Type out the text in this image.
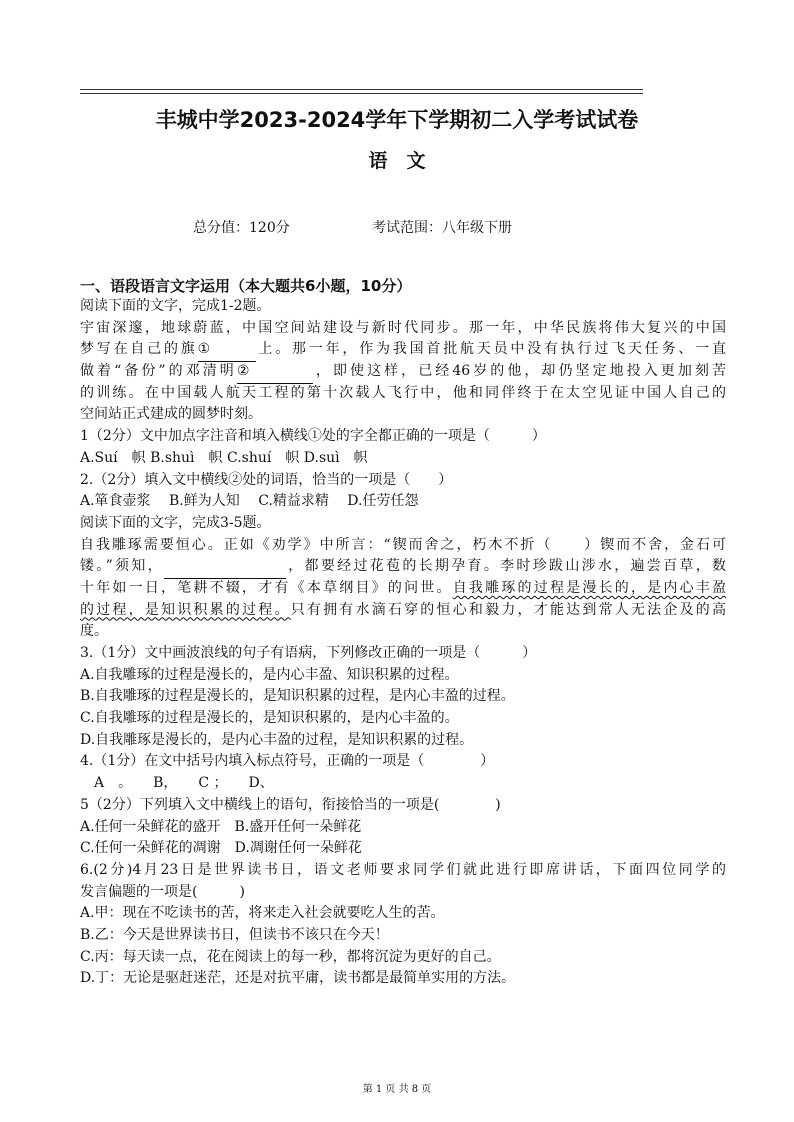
丰城中学2023-2024学年下学期初二入学考试试卷
语　文
总分值：120分	考试范围：八年级下册
一、语段语言文字运用（本大题共6小题，10分）
阅读下面的文字，完成1-2题。
宇宙深邃，地球蔚蓝，中国空间站建设与新时代同步。那一年，中华民族将伟大复兴的中国
梦写在自己的旗①	上。那一年，作为我国首批航天员中没有执行过飞天任务、一直
做着“备份”的邓清明②	，即使这样，已经46岁的他，却仍坚定地投入更加刻苦
的训练。在中国载人航天工程的第十次载人飞行中，他和同伴终于在太空见证中国人自己的
空间站正式建成的圆梦时刻。
1（2分）文中加点字注音和填入横线①处的字全都正确的一项是（　　　）
A.Suí　帜 B.shuì　帜 C.shuí　帜 D.suì　帜
2.（2分）填入文中横线②处的词语，恰当的一项是（　　）
A.箪食壶浆　 B.鲜为人知　 C.精益求精　 D.任劳任怨
阅读下面的文字，完成3-5题。
自我雕琢需要恒心。正如《劝学》中所言：“锲而舍之，朽木不折（　　）锲而不舍，金石可
镂。”须知，	，都要经过花苞的长期孕育。李时珍跋山涉水，遍尝百草，数
十年如一日，笔耕不辍，才有《本草纲目》的问世。自我雕琢的过程是漫长的，是内心丰盈
的过程，是知识积累的过程。只有拥有水滴石穿的恒心和毅力，才能达到常人无法企及的高
度。
3.（1分）文中画波浪线的句子有语病，下列修改正确的一项是（　　　）
A.自我雕琢的过程是漫长的，是内心丰盈、知识积累的过程。
B.自我雕琢的过程是漫长的，是知识积累的过程，是内心丰盈的过程。
C.自我雕琢的过程是漫长的，是知识积累的，是内心丰盈的。
D.自我雕琢是漫长的，是内心丰盈的过程，是知识积累的过程。
4.（1分）在文中括号内填入标点符号，正确的一项是（　　　　）
　A　。　　B，　　C ；　　D、
5（2分）下列填入文中横线上的语句，衔接恰当的一项是(　　　　)
A.任何一朵鲜花的盛开　B.盛开任何一朵鲜花
C.任何一朵鲜花的凋谢　D.凋谢任何一朵鲜花
6.(2分)4月23日是世界读书日，语文老师要求同学们就此进行即席讲话，下面四位同学的
发言偏题的一项是(　　　)
A.甲：现在不吃读书的苦，将来走入社会就要吃人生的苦。
B.乙：今天是世界读书日，但读书不该只在今天！
C.丙：每天读一点，花在阅读上的每一秒，都将沉淀为更好的自己。
D.丁：无论是驱赶迷茫，还是对抗平庸，读书都是最简单实用的方法。
第 1 页 共 8 页
